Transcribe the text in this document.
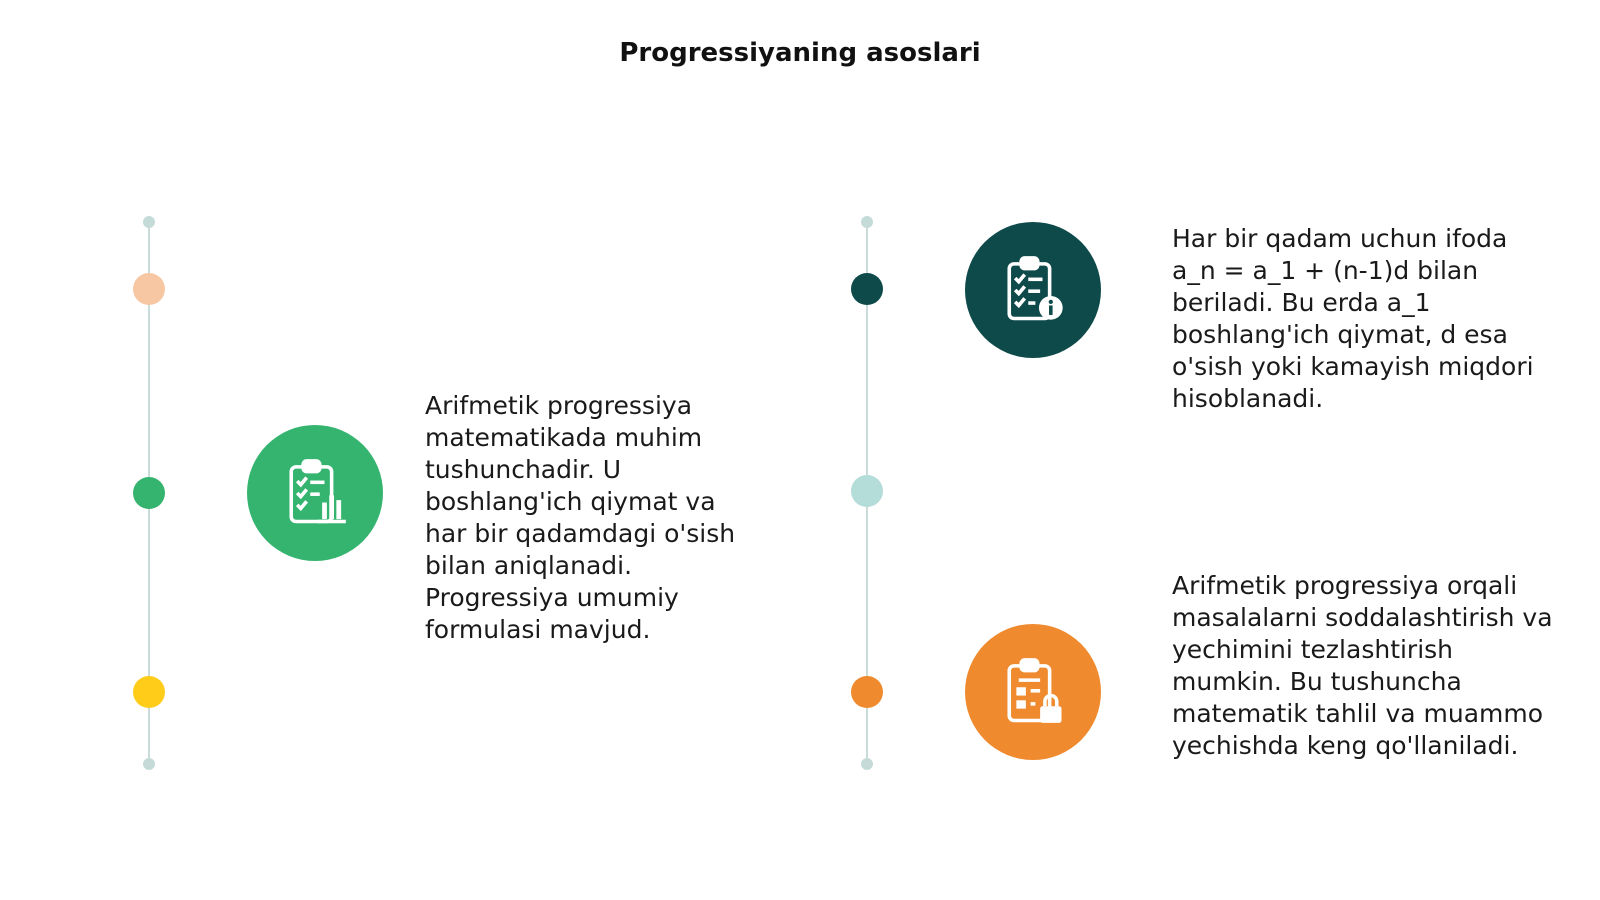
Progressiyaning asoslari
Arifmetik progressiya matematikada muhim tushunchadir. U boshlang'ich qiymat va har bir qadamdagi o'sish bilan aniqlanadi. Progressiya umumiy formulasi mavjud.
Har bir qadam uchun ifoda a_n = a_1 + (n-1)d bilan beriladi. Bu erda a_1 boshlang'ich qiymat, d esa o'sish yoki kamayish miqdori hisoblanadi.
Arifmetik progressiya orqali masalalarni soddalashtirish va yechimini tezlashtirish mumkin. Bu tushuncha matematik tahlil va muammo yechishda keng qo'llaniladi.
